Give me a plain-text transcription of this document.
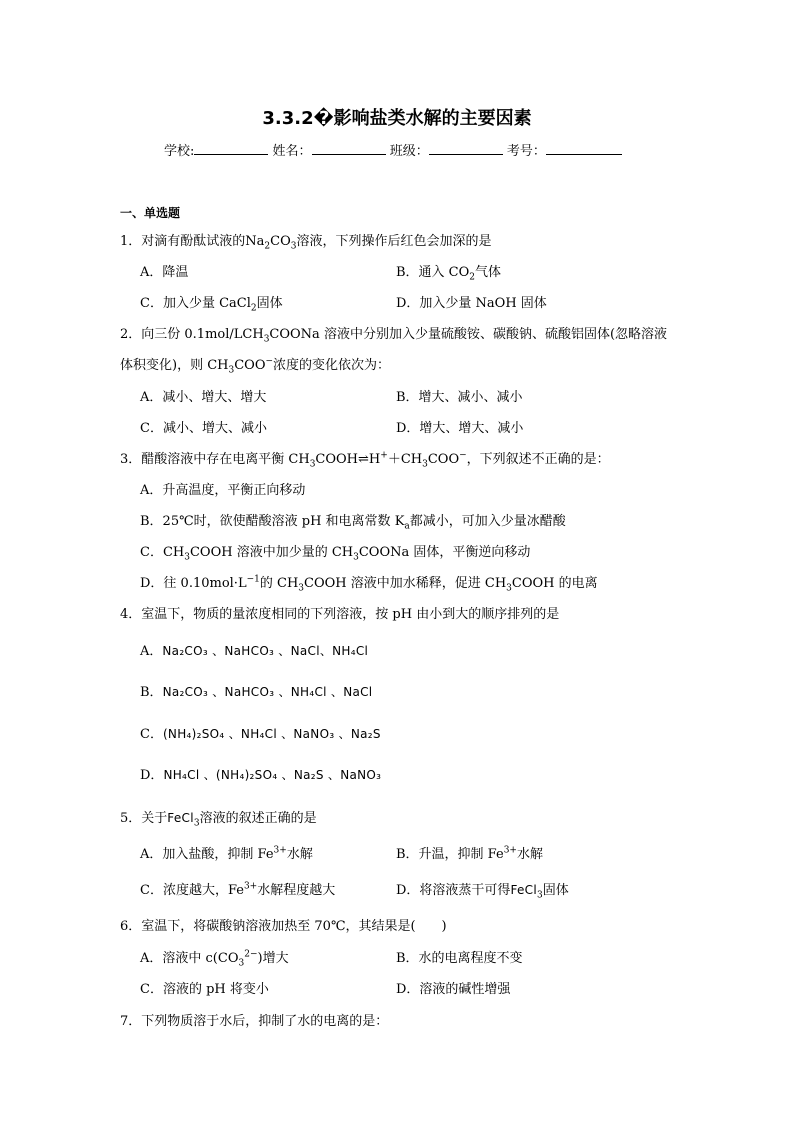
3.3.2�影响盐类水解的主要因素
学校:	姓名：	班级：	考号：
一、单选题
1．对滴有酚酞试液的$Na_2CO_3$溶液，下列操作后红色会加深的是
A．降温	B．通入 $CO_2$气体
C．加入少量 CaCl$_2$固体	D．加入少量 NaOH 固体
2．向三份 $0.1mol/LCH_3COONa$ 溶液中分别加入少量硫酸铵、碳酸钠、硫酸铝固体(忽略溶液
体积变化)，则 $CH_3COO^-$浓度的变化依次为：
A．减小、增大、增大	B．增大、减小、减小
C．减小、增大、减小	D．增大、增大、减小
3．醋酸溶液中存在电离平衡 $CH_3COOH\rightleftharpoons H^++CH_3COO^-$，下列叙述不正确的是：
A．升高温度，平衡正向移动
B．25℃时，欲使醋酸溶液 pH 和电离常数 $K_a$都减小，可加入少量冰醋酸
C．$CH_3COOH$ 溶液中加少量的 $CH_3COONa$ 固体，平衡逆向移动
D．往 $0.10mol\cdot L^{-1}$的 $CH_3COOH$ 溶液中加水稀释，促进 $CH_3COOH$ 的电离
4．室温下，物质的量浓度相同的下列溶液，按 pH 由小到大的顺序排列的是
A．Na₂CO₃ 、NaHCO₃ 、NaCl、NH₄Cl
B．Na₂CO₃ 、NaHCO₃ 、NH₄Cl 、NaCl
C．(NH₄)₂SO₄ 、NH₄Cl 、NaNO₃ 、Na₂S
D．NH₄Cl 、(NH₄)₂SO₄ 、Na₂S 、NaNO₃
5．关于FeCl$_3$溶液的叙述正确的是
A．加入盐酸，抑制 $Fe^{3+}$水解	B．升温，抑制 $Fe^{3+}$水解
C．浓度越大，$Fe^{3+}$水解程度越大	D．将溶液蒸干可得FeCl$_3$固体
6．室温下，将碳酸钠溶液加热至 70℃，其结果是(　　)
A．溶液中 $c(CO_3^{2-})$增大	B．水的电离程度不变
C．溶液的 pH 将变小	D．溶液的碱性增强
7．下列物质溶于水后，抑制了水的电离的是：
